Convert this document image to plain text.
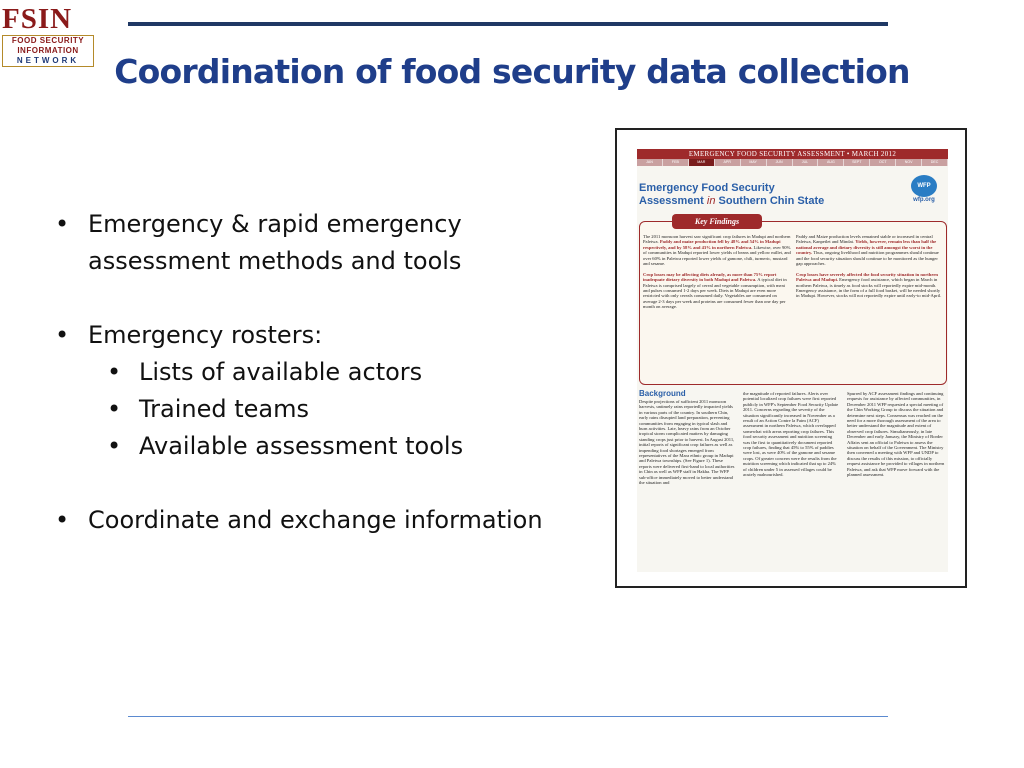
FSIN
FOOD SECURITY
INFORMATION
NETWORK	Coordination of food security data collection
• Emergency & rapid emergency assessment methods and tools
• Emergency rosters:
• Lists of available actors
• Trained teams
• Available assessment tools
• Coordinate and exchange information
EMERGENCY FOOD SECURITY ASSESSMENT • MARCH 2012
JAN	FEB	MAR	APR	MAY	JUN	JUL	AUG	SEPT	OCT	NOV	DEC
Emergency Food Security
Assessment in Southern Chin State
WFP
wfp.org
Key Findings
The 2011 monsoon harvest saw significant crop failures in Madupi and northern Paletwa. Paddy and maize production fell by 48% and 54% in Madupi respectively, and by 58% and 43% in northern Paletwa. Likewise, over 90% of communities in Madupi reported lower yields of beans and yellow millet, and over 60% in Paletwa reported lower yields of gamone, chili, turmeric, mustard and sesame.

Crop losses may be affecting diets already, as more than 75% report inadequate dietary diversity in both Madupi and Paletwa. A typical diet in Paletwa is comprised largely of cereal and vegetable consumption, with meat and pulses consumed 1-2 days per week. Diets in Madupi are even more restricted with only cereals consumed daily. Vegetables are consumed on average 2-3 days per week and proteins are consumed fewer than one day per month on average.
Paddy and Maize production levels remained stable or increased in central Paletwa, Kanpetlet and Mindat. Yields, however, remain less than half the national average and dietary diversity is still amongst the worst in the country. Thus, ongoing livelihood and nutrition programmes should continue and the food security situation should continue to be monitored as the hunger gap approaches.

Crop losses have severely affected the food security situation in northern Paletwa and Madupi. Emergency food assistance, which began in March in northern Paletwa, is timely as food stocks will reportedly expire mid-month. Emergency assistance, in the form of a full food basket, will be needed shortly in Madupi. However, stocks will not reportedly expire until early-to mid-April.
Background
Despite projections of sufficient 2011 monsoon harvests, untimely rains reportedly impacted yields in various parts of the country. In southern Chin, early rains disrupted land preparation, preventing communities from engaging in typical slash and burn activities. Late, heavy rains from an October tropical storm complicated matters by damaging standing crops just prior to harvest. In August 2011, initial reports of significant crop failures as well as impending food shortages emerged from representatives of the Mara ethnic group in Madupi and Paletwa townships. (See Figure 1). These reports were delivered first-hand to local authorities in Chin as well as WFP staff in Hakha. The WFP sub-office immediately moved to better understand the situation and
the magnitude of reported failures. Alerts over potential localized crop failures were first reported publicly in WFP's September Food Security Update 2011. Concerns regarding the severity of the situation significantly increased in November as a result of an Action Contre la Faim (ACF) assessment in northern Paletwa, which overlapped somewhat with areas reporting crop failures. This food security assessment and nutrition screening was the first to quantitatively document reported crop failures, finding that 45% to 55% of paddies were lost, as were 40% of the gamone and sesame crops. Of greater concern were the results from the nutrition screening which indicated that up to 24% of children under 5 in assessed villages could be acutely malnourished.
Spurred by ACF assessment findings and continuing requests for assistance by affected communities, in December 2011 WFP requested a special meeting of the Chin Working Group to discuss the situation and determine next steps. Consensus was reached on the need for a more thorough assessment of the area to better understand the magnitude and extent of observed crop failures. Simultaneously, in late December and early January, the Ministry of Border Affairs sent an official to Paletwa to assess the situation on behalf of the Government. The Ministry then convened a meeting with WFP and UNDP to discuss the results of this mission, to officially request assistance be provided to villages in northern Paletwa, and ask that WFP move forward with the planned assessment.
